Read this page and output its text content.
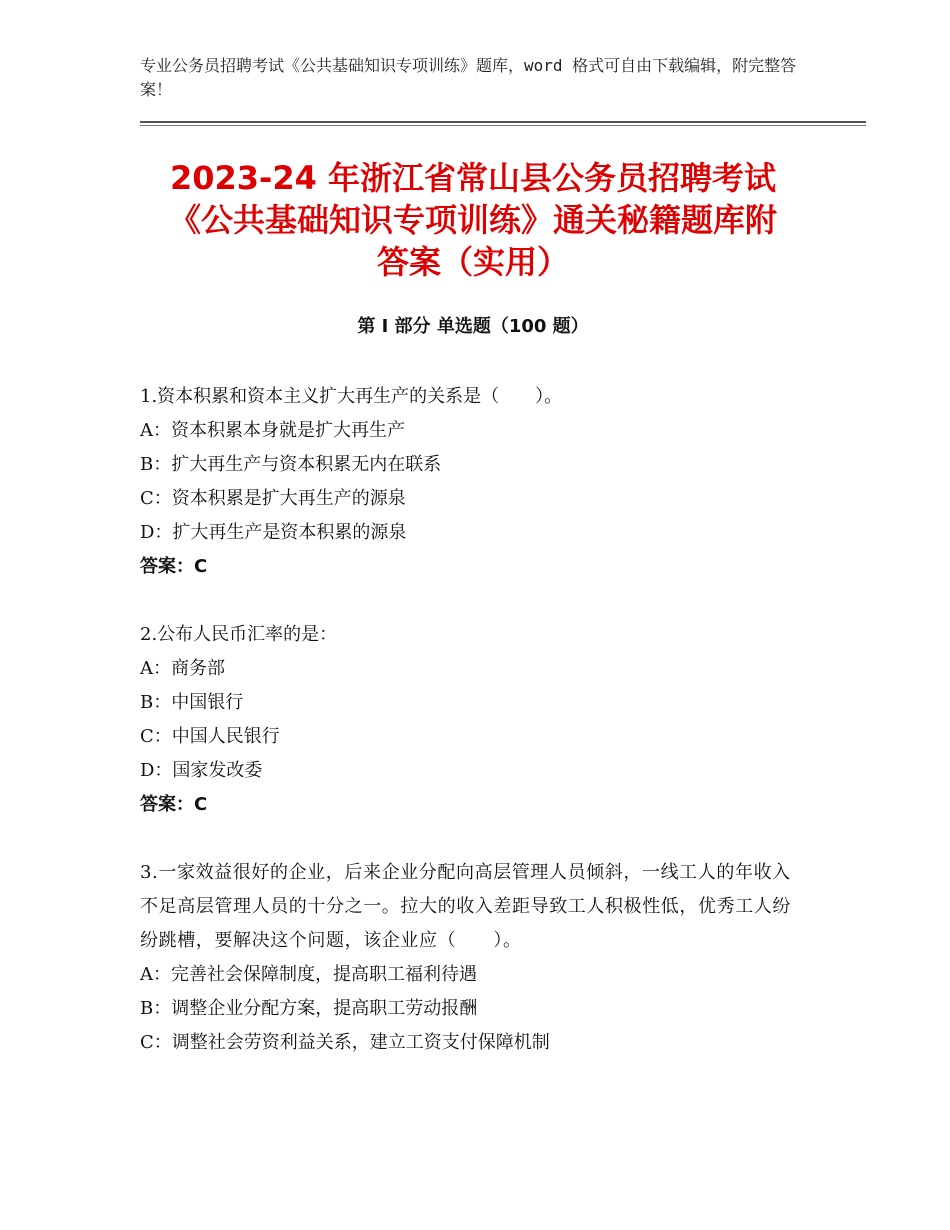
专业公务员招聘考试《公共基础知识专项训练》题库，word 格式可自由下载编辑，附完整答案！
2023-24 年浙江省常山县公务员招聘考试
《公共基础知识专项训练》通关秘籍题库附
答案（实用）
第 I 部分 单选题（100 题）
1.资本积累和资本主义扩大再生产的关系是（　　）。
A：资本积累本身就是扩大再生产
B：扩大再生产与资本积累无内在联系
C：资本积累是扩大再生产的源泉
D：扩大再生产是资本积累的源泉
答案：C
2.公布人民币汇率的是：
A：商务部
B：中国银行
C：中国人民银行
D：国家发改委
答案：C
3.一家效益很好的企业，后来企业分配向高层管理人员倾斜，一线工人的年收入不足高层管理人员的十分之一。拉大的收入差距导致工人积极性低，优秀工人纷纷跳槽，要解决这个问题，该企业应（　　）。
A：完善社会保障制度，提高职工福利待遇
B：调整企业分配方案，提高职工劳动报酬
C：调整社会劳资利益关系，建立工资支付保障机制
